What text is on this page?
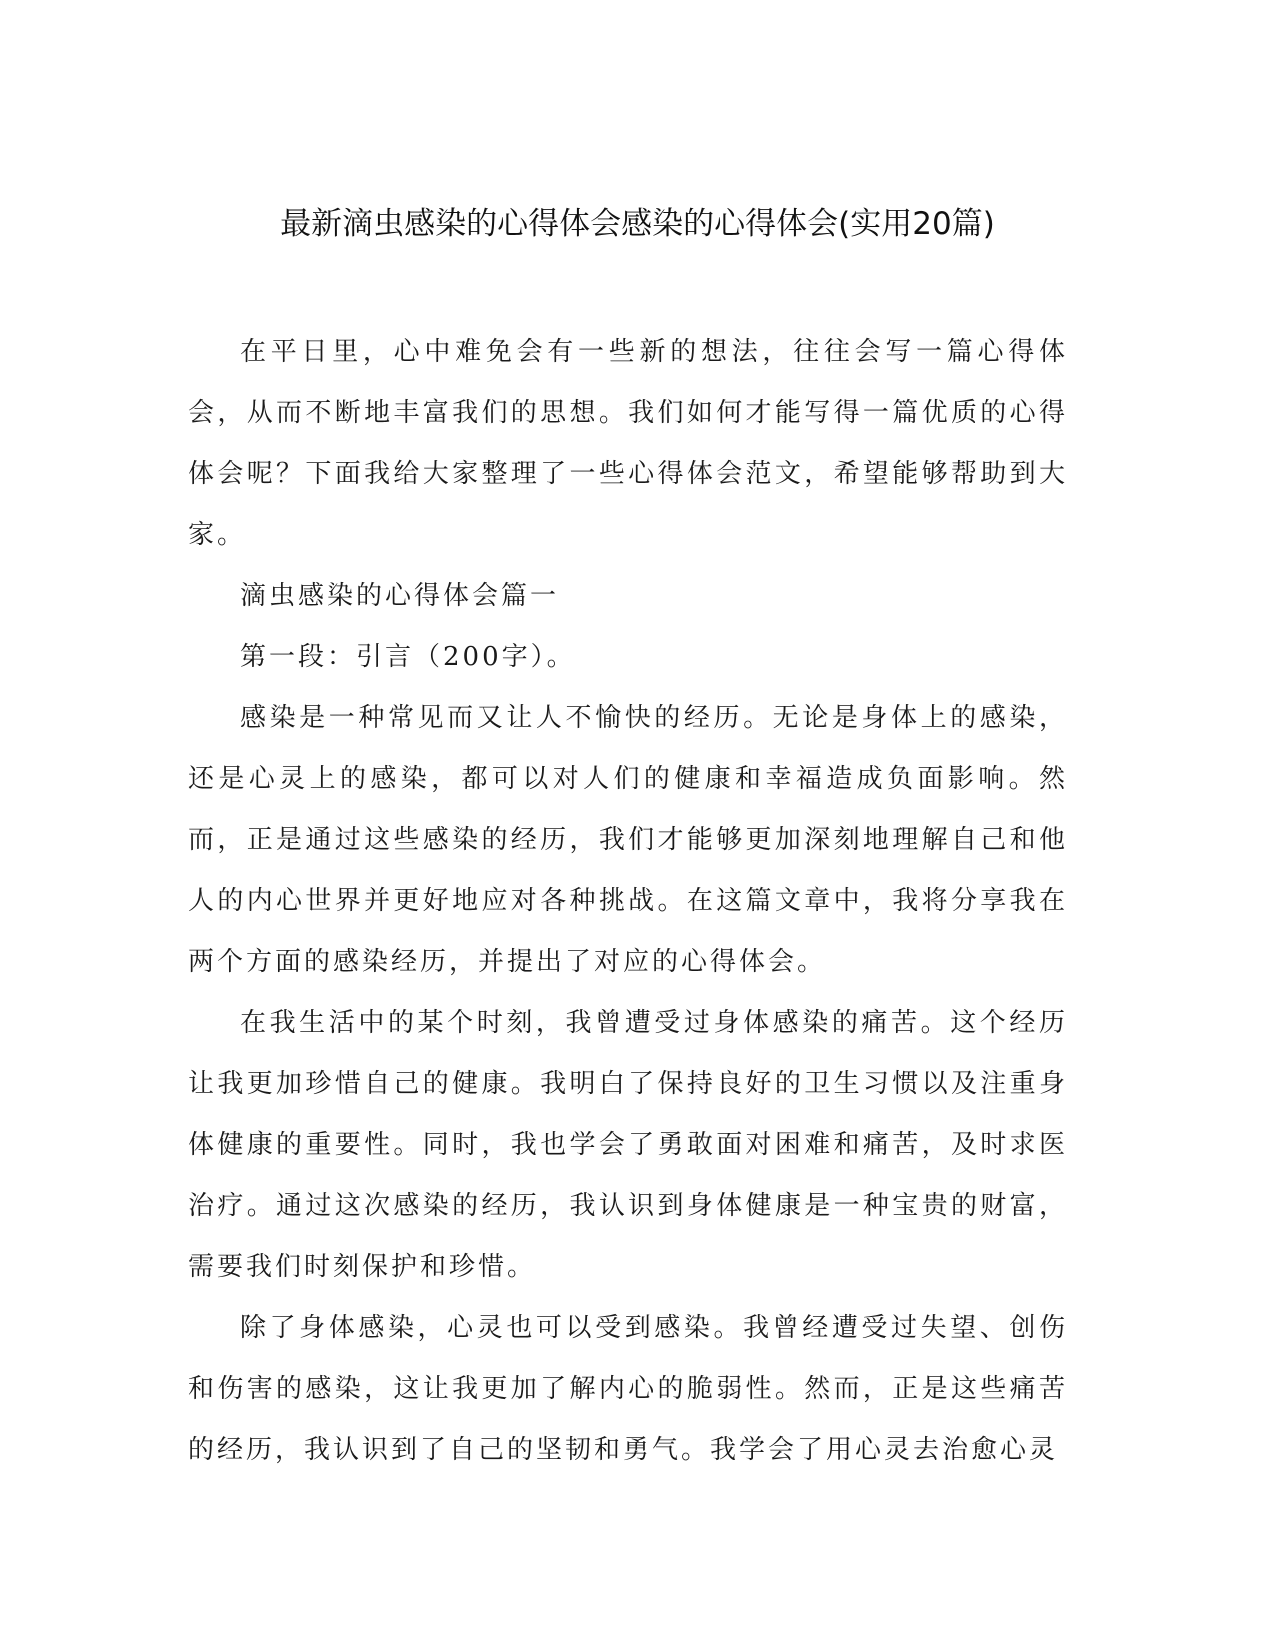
最新滴虫感染的心得体会感染的心得体会(实用20篇)

在平日里，心中难免会有一些新的想法，往往会写一篇心得体会，从而不断地丰富我们的思想。我们如何才能写得一篇优质的心得体会呢？下面我给大家整理了一些心得体会范文，希望能够帮助到大家。

滴虫感染的心得体会篇一

第一段：引言（200字）。

感染是一种常见而又让人不愉快的经历。无论是身体上的感染，还是心灵上的感染，都可以对人们的健康和幸福造成负面影响。然而，正是通过这些感染的经历，我们才能够更加深刻地理解自己和他人的内心世界并更好地应对各种挑战。在这篇文章中，我将分享我在两个方面的感染经历，并提出了对应的心得体会。

在我生活中的某个时刻，我曾遭受过身体感染的痛苦。这个经历让我更加珍惜自己的健康。我明白了保持良好的卫生习惯以及注重身体健康的重要性。同时，我也学会了勇敢面对困难和痛苦，及时求医治疗。通过这次感染的经历，我认识到身体健康是一种宝贵的财富，需要我们时刻保护和珍惜。

除了身体感染，心灵也可以受到感染。我曾经遭受过失望、创伤和伤害的感染，这让我更加了解内心的脆弱性。然而，正是这些痛苦的经历，我认识到了自己的坚韧和勇气。我学会了用心灵去治愈心灵
